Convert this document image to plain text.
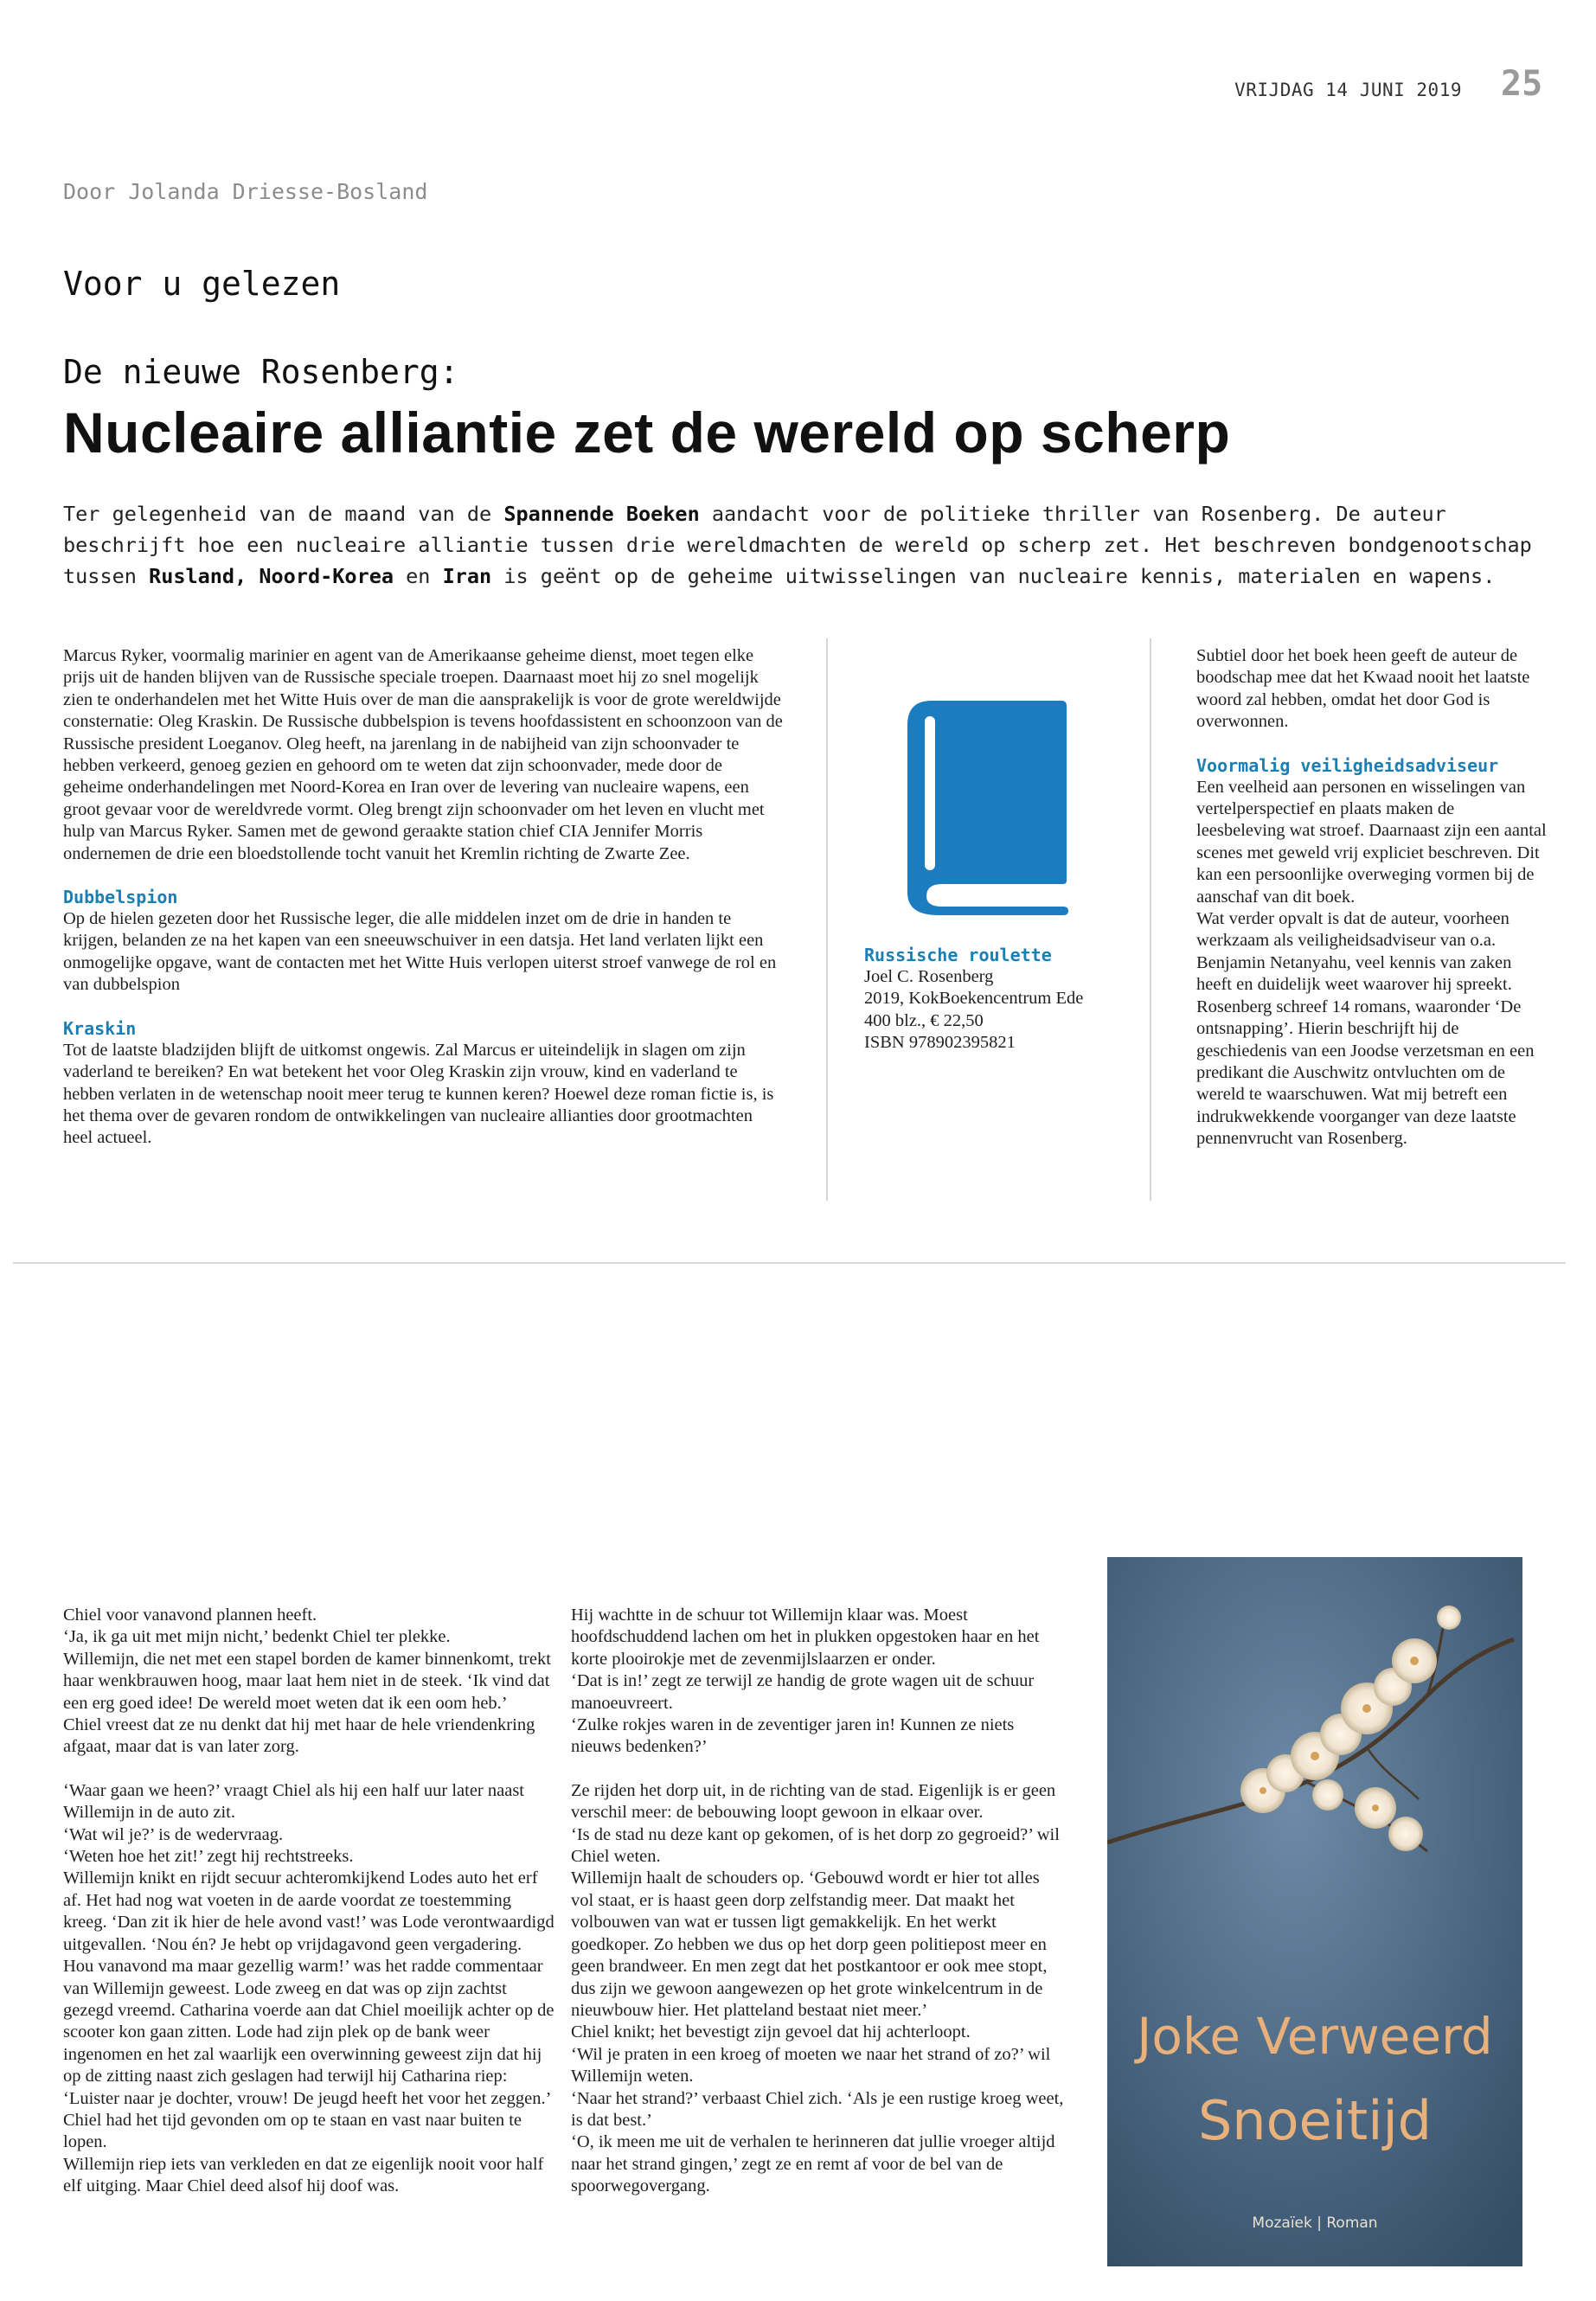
VRIJDAG 14 JUNI 2019 25
Door Jolanda Driesse-Bosland
Voor u gelezen
De nieuwe Rosenberg:
Nucleaire alliantie zet de wereld op scherp
Ter gelegenheid van de maand van de Spannende Boeken aandacht voor de politieke thriller van Rosenberg. De auteur beschrijft hoe een nucleaire alliantie tussen drie wereldmachten de wereld op scherp zet. Het beschreven bondgenootschap tussen Rusland, Noord-Korea en Iran is geënt op de geheime uitwisselingen van nucleaire kennis, materialen en wapens.

Marcus Ryker, voormalig marinier en agent van de Amerikaanse geheime dienst, moet tegen elke prijs uit de handen blijven van de Russische speciale troepen. Daarnaast moet hij zo snel mogelijk zien te onderhandelen met het Witte Huis over de man die aansprakelijk is voor de grote wereldwijde consternatie: Oleg Kraskin. De Russische dubbelspion is tevens hoofdassistent en schoonzoon van de Russische president Loeganov. Oleg heeft, na jarenlang in de nabijheid van zijn schoonvader te hebben verkeerd, genoeg gezien en gehoord om te weten dat zijn schoonvader, mede door de geheime onderhandelingen met Noord-Korea en Iran over de levering van nucleaire wapens, een groot gevaar voor de wereldvrede vormt. Oleg brengt zijn schoonvader om het leven en vlucht met hulp van Marcus Ryker. Samen met de gewond geraakte station chief CIA Jennifer Morris ondernemen de drie een bloedstollende tocht vanuit het Kremlin richting de Zwarte Zee.

Dubbelspion

Op de hielen gezeten door het Russische leger, die alle middelen inzet om de drie in handen te krijgen, belanden ze na het kapen van een sneeuwschuiver in een datsja. Het land verlaten lijkt een onmogelijke opgave, want de contacten met het Witte Huis verlopen uiterst stroef vanwege de rol en van dubbelspion

Kraskin

Tot de laatste bladzijden blijft de uitkomst ongewis. Zal Marcus er uiteindelijk in slagen om zijn vaderland te bereiken? En wat betekent het voor Oleg Kraskin zijn vrouw, kind en vaderland te hebben verlaten in de wetenschap nooit meer terug te kunnen keren? Hoewel deze roman fictie is, is het thema over de gevaren rondom de ontwikkelingen van nucleaire allianties door grootmachten heel actueel.

Russische roulette

Joel C. Rosenberg

2019, KokBoekencentrum Ede

400 blz., € 22,50

ISBN 978902395821

Subtiel door het boek heen geeft de auteur de boodschap mee dat het Kwaad nooit het laatste woord zal hebben, omdat het door God is overwonnen.

Voormalig veiligheidsadviseur

Een veelheid aan personen en wisselingen van vertelperspectief en plaats maken de leesbeleving wat stroef. Daarnaast zijn een aantal scenes met geweld vrij expliciet beschreven. Dit kan een persoonlijke overweging vormen bij de aanschaf van dit boek.

Wat verder opvalt is dat de auteur, voorheen werkzaam als veiligheidsadviseur van o.a. Benjamin Netanyahu, veel kennis van zaken heeft en duidelijk weet waarover hij spreekt. Rosenberg schreef 14 romans, waaronder ‘De ontsnapping’. Hierin beschrijft hij de geschiedenis van een Joodse verzetsman en een predikant die Auschwitz ontvluchten om de wereld te waarschuwen. Wat mij betreft een indrukwekkende voorganger van deze laatste pennenvrucht van Rosenberg.

Chiel voor vanavond plannen heeft.

‘Ja, ik ga uit met mijn nicht,’ bedenkt Chiel ter plekke.

Willemijn, die net met een stapel borden de kamer binnenkomt, trekt haar wenkbrauwen hoog, maar laat hem niet in de steek. ‘Ik vind dat een erg goed idee! De wereld moet weten dat ik een oom heb.’

Chiel vreest dat ze nu denkt dat hij met haar de hele vriendenkring afgaat, maar dat is van later zorg.

‘Waar gaan we heen?’ vraagt Chiel als hij een half uur later naast Willemijn in de auto zit.

‘Wat wil je?’ is de wedervraag.

‘Weten hoe het zit!’ zegt hij rechtstreeks.

Willemijn knikt en rijdt secuur achteromkijkend Lodes auto het erf af. Het had nog wat voeten in de aarde voordat ze toestemming kreeg. ‘Dan zit ik hier de hele avond vast!’ was Lode verontwaardigd uitgevallen. ‘Nou én? Je hebt op vrijdagavond geen vergadering. Hou vanavond ma maar gezellig warm!’ was het radde commentaar van Willemijn geweest. Lode zweeg en dat was op zijn zachtst gezegd vreemd. Catharina voerde aan dat Chiel moeilijk achter op de scooter kon gaan zitten. Lode had zijn plek op de bank weer ingenomen en het zal waarlijk een overwinning geweest zijn dat hij op de zitting naast zich geslagen had terwijl hij Catharina riep: ‘Luister naar je dochter, vrouw! De jeugd heeft het voor het zeggen.’

Chiel had het tijd gevonden om op te staan en vast naar buiten te lopen.

Willemijn riep iets van verkleden en dat ze eigenlijk nooit voor half elf uitging. Maar Chiel deed alsof hij doof was.

Hij wachtte in de schuur tot Willemijn klaar was. Moest hoofdschuddend lachen om het in plukken opgestoken haar en het korte plooirokje met de zevenmijlslaarzen er onder.

‘Dat is in!’ zegt ze terwijl ze handig de grote wagen uit de schuur manoeuvreert.

‘Zulke rokjes waren in de zeventiger jaren in! Kunnen ze niets nieuws bedenken?’

Ze rijden het dorp uit, in de richting van de stad. Eigenlijk is er geen verschil meer: de bebouwing loopt gewoon in elkaar over.

‘Is de stad nu deze kant op gekomen, of is het dorp zo gegroeid?’ wil Chiel weten.

Willemijn haalt de schouders op. ‘Gebouwd wordt er hier tot alles vol staat, er is haast geen dorp zelfstandig meer. Dat maakt het volbouwen van wat er tussen ligt gemakkelijk. En het werkt goedkoper. Zo hebben we dus op het dorp geen politiepost meer en geen brandweer. En men zegt dat het postkantoor er ook mee stopt, dus zijn we gewoon aangewezen op het grote winkelcentrum in de nieuwbouw hier. Het platteland bestaat niet meer.’

Chiel knikt; het bevestigt zijn gevoel dat hij achterloopt.

‘Wil je praten in een kroeg of moeten we naar het strand of zo?’ wil Willemijn weten.

‘Naar het strand?’ verbaast Chiel zich. ‘Als je een rustige kroeg weet, is dat best.’

‘O, ik meen me uit de verhalen te herinneren dat jullie vroeger altijd naar het strand gingen,’ zegt ze en remt af voor de bel van de spoorwegovergang.

Joke Verweerd
Snoeitijd
Mozaïek | Roman
